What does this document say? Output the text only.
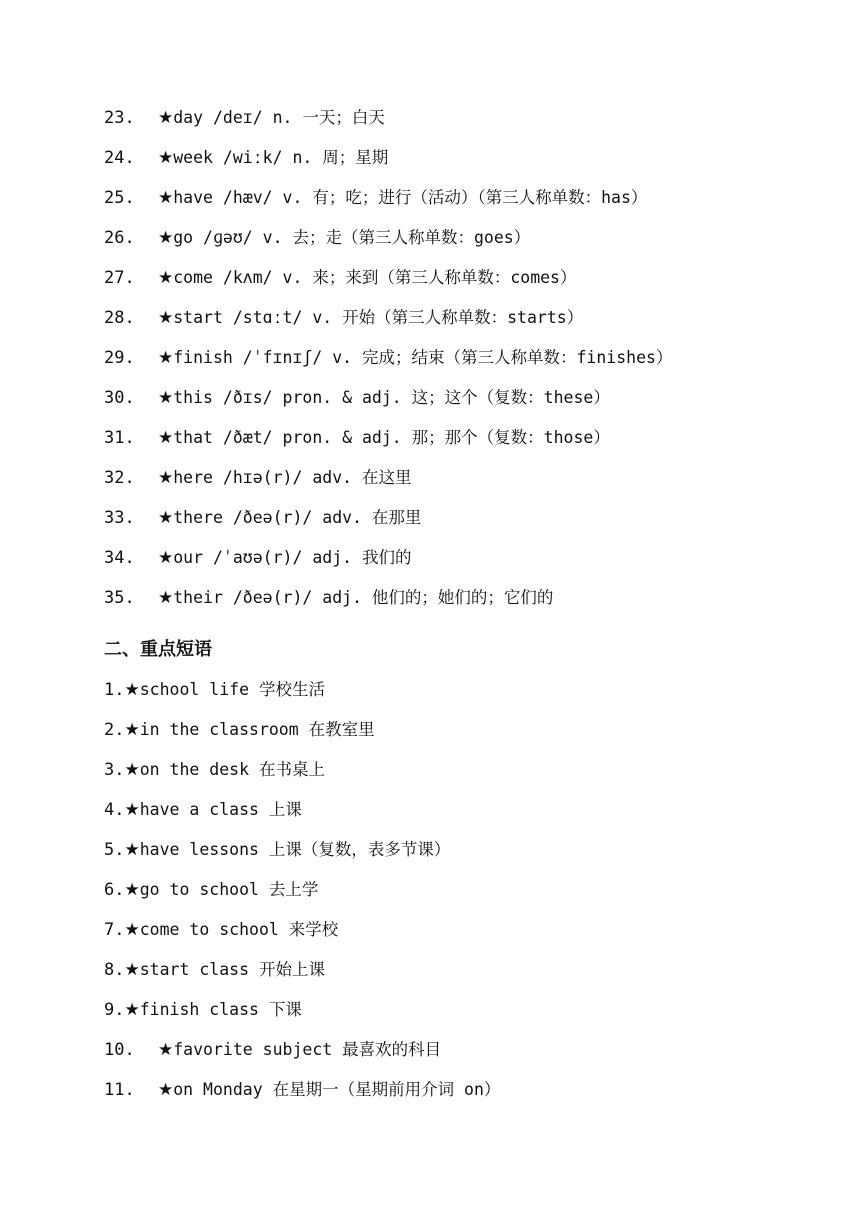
23. ★day /deɪ/ n. 一天；白天
24. ★week /wiːk/ n. 周；星期
25. ★have /hæv/ v. 有；吃；进行（活动）（第三人称单数：has）
26. ★go /ɡəʊ/ v. 去；走（第三人称单数：goes）
27. ★come /kʌm/ v. 来；来到（第三人称单数：comes）
28. ★start /stɑːt/ v. 开始（第三人称单数：starts）
29. ★finish /ˈfɪnɪʃ/ v. 完成；结束（第三人称单数：finishes）
30. ★this /ðɪs/ pron. & adj. 这；这个（复数：these）
31. ★that /ðæt/ pron. & adj. 那；那个（复数：those）
32. ★here /hɪə(r)/ adv. 在这里
33. ★there /ðeə(r)/ adv. 在那里
34. ★our /ˈaʊə(r)/ adj. 我们的
35. ★their /ðeə(r)/ adj. 他们的；她们的；它们的
二、重点短语
1.★school life 学校生活
2.★in the classroom 在教室里
3.★on the desk 在书桌上
4.★have a class 上课
5.★have lessons 上课（复数，表多节课）
6.★go to school 去上学
7.★come to school 来学校
8.★start class 开始上课
9.★finish class 下课
10. ★favorite subject 最喜欢的科目
11. ★on Monday 在星期一（星期前用介词 on）
